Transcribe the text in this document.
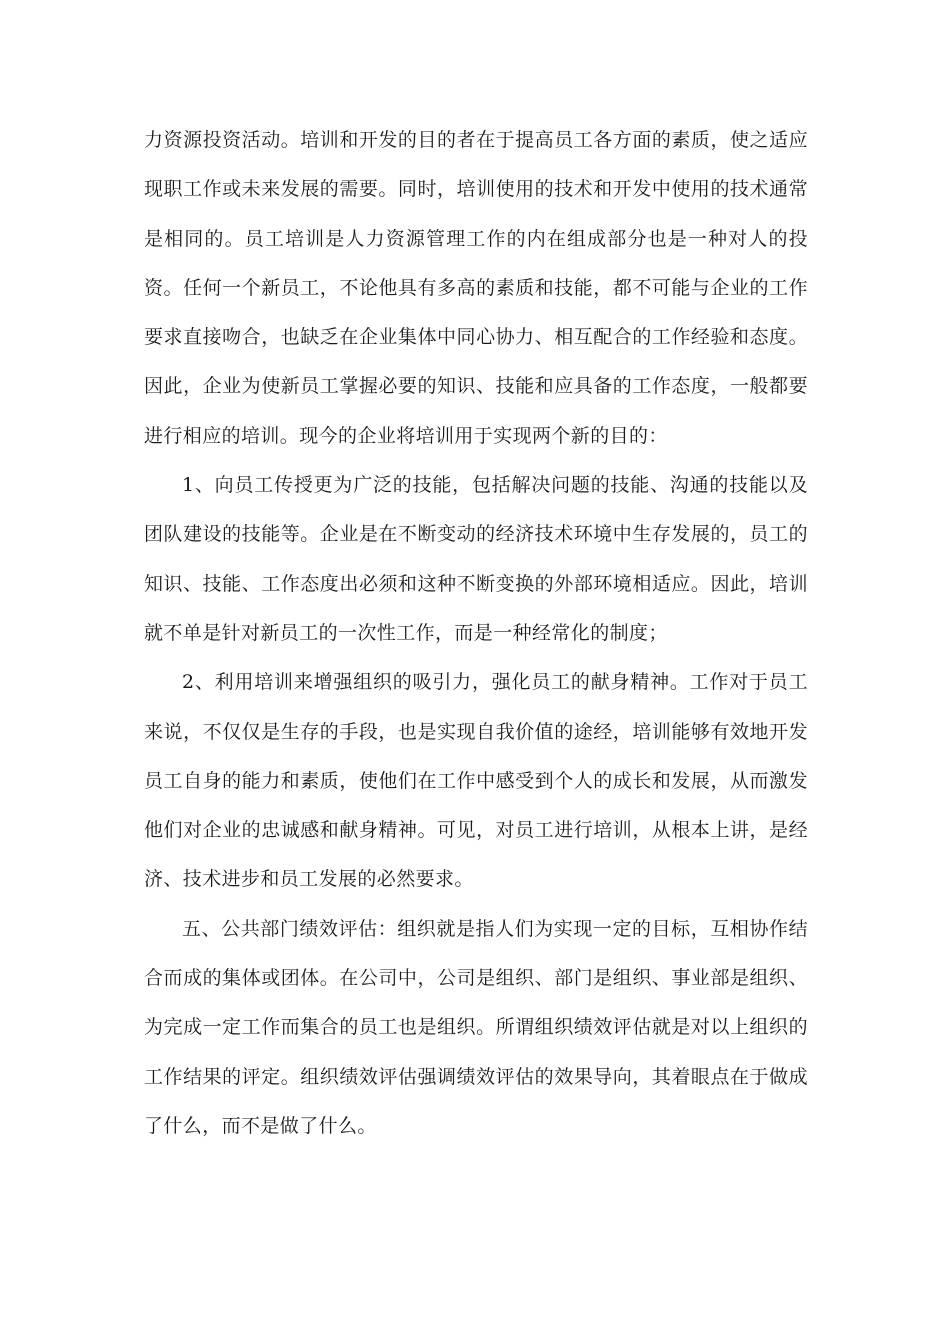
力资源投资活动。培训和开发的目的者在于提高员工各方面的素质，使之适应现职工作或未来发展的需要。同时，培训使用的技术和开发中使用的技术通常是相同的。员工培训是人力资源管理工作的内在组成部分也是一种对人的投资。任何一个新员工，不论他具有多高的素质和技能，都不可能与企业的工作要求直接吻合，也缺乏在企业集体中同心协力、相互配合的工作经验和态度。因此，企业为使新员工掌握必要的知识、技能和应具备的工作态度，一般都要进行相应的培训。现今的企业将培训用于实现两个新的目的：

1、向员工传授更为广泛的技能，包括解决问题的技能、沟通的技能以及团队建设的技能等。企业是在不断变动的经济技术环境中生存发展的，员工的知识、技能、工作态度出必须和这种不断变换的外部环境相适应。因此，培训就不单是针对新员工的一次性工作，而是一种经常化的制度；

2、利用培训来增强组织的吸引力，强化员工的献身精神。工作对于员工来说，不仅仅是生存的手段，也是实现自我价值的途经，培训能够有效地开发员工自身的能力和素质，使他们在工作中感受到个人的成长和发展，从而激发他们对企业的忠诚感和献身精神。可见，对员工进行培训，从根本上讲，是经济、技术进步和员工发展的必然要求。

五、公共部门绩效评估：组织就是指人们为实现一定的目标，互相协作结合而成的集体或团体。在公司中，公司是组织、部门是组织、事业部是组织、为完成一定工作而集合的员工也是组织。所谓组织绩效评估就是对以上组织的工作结果的评定。组织绩效评估强调绩效评估的效果导向，其着眼点在于做成了什么，而不是做了什么。
